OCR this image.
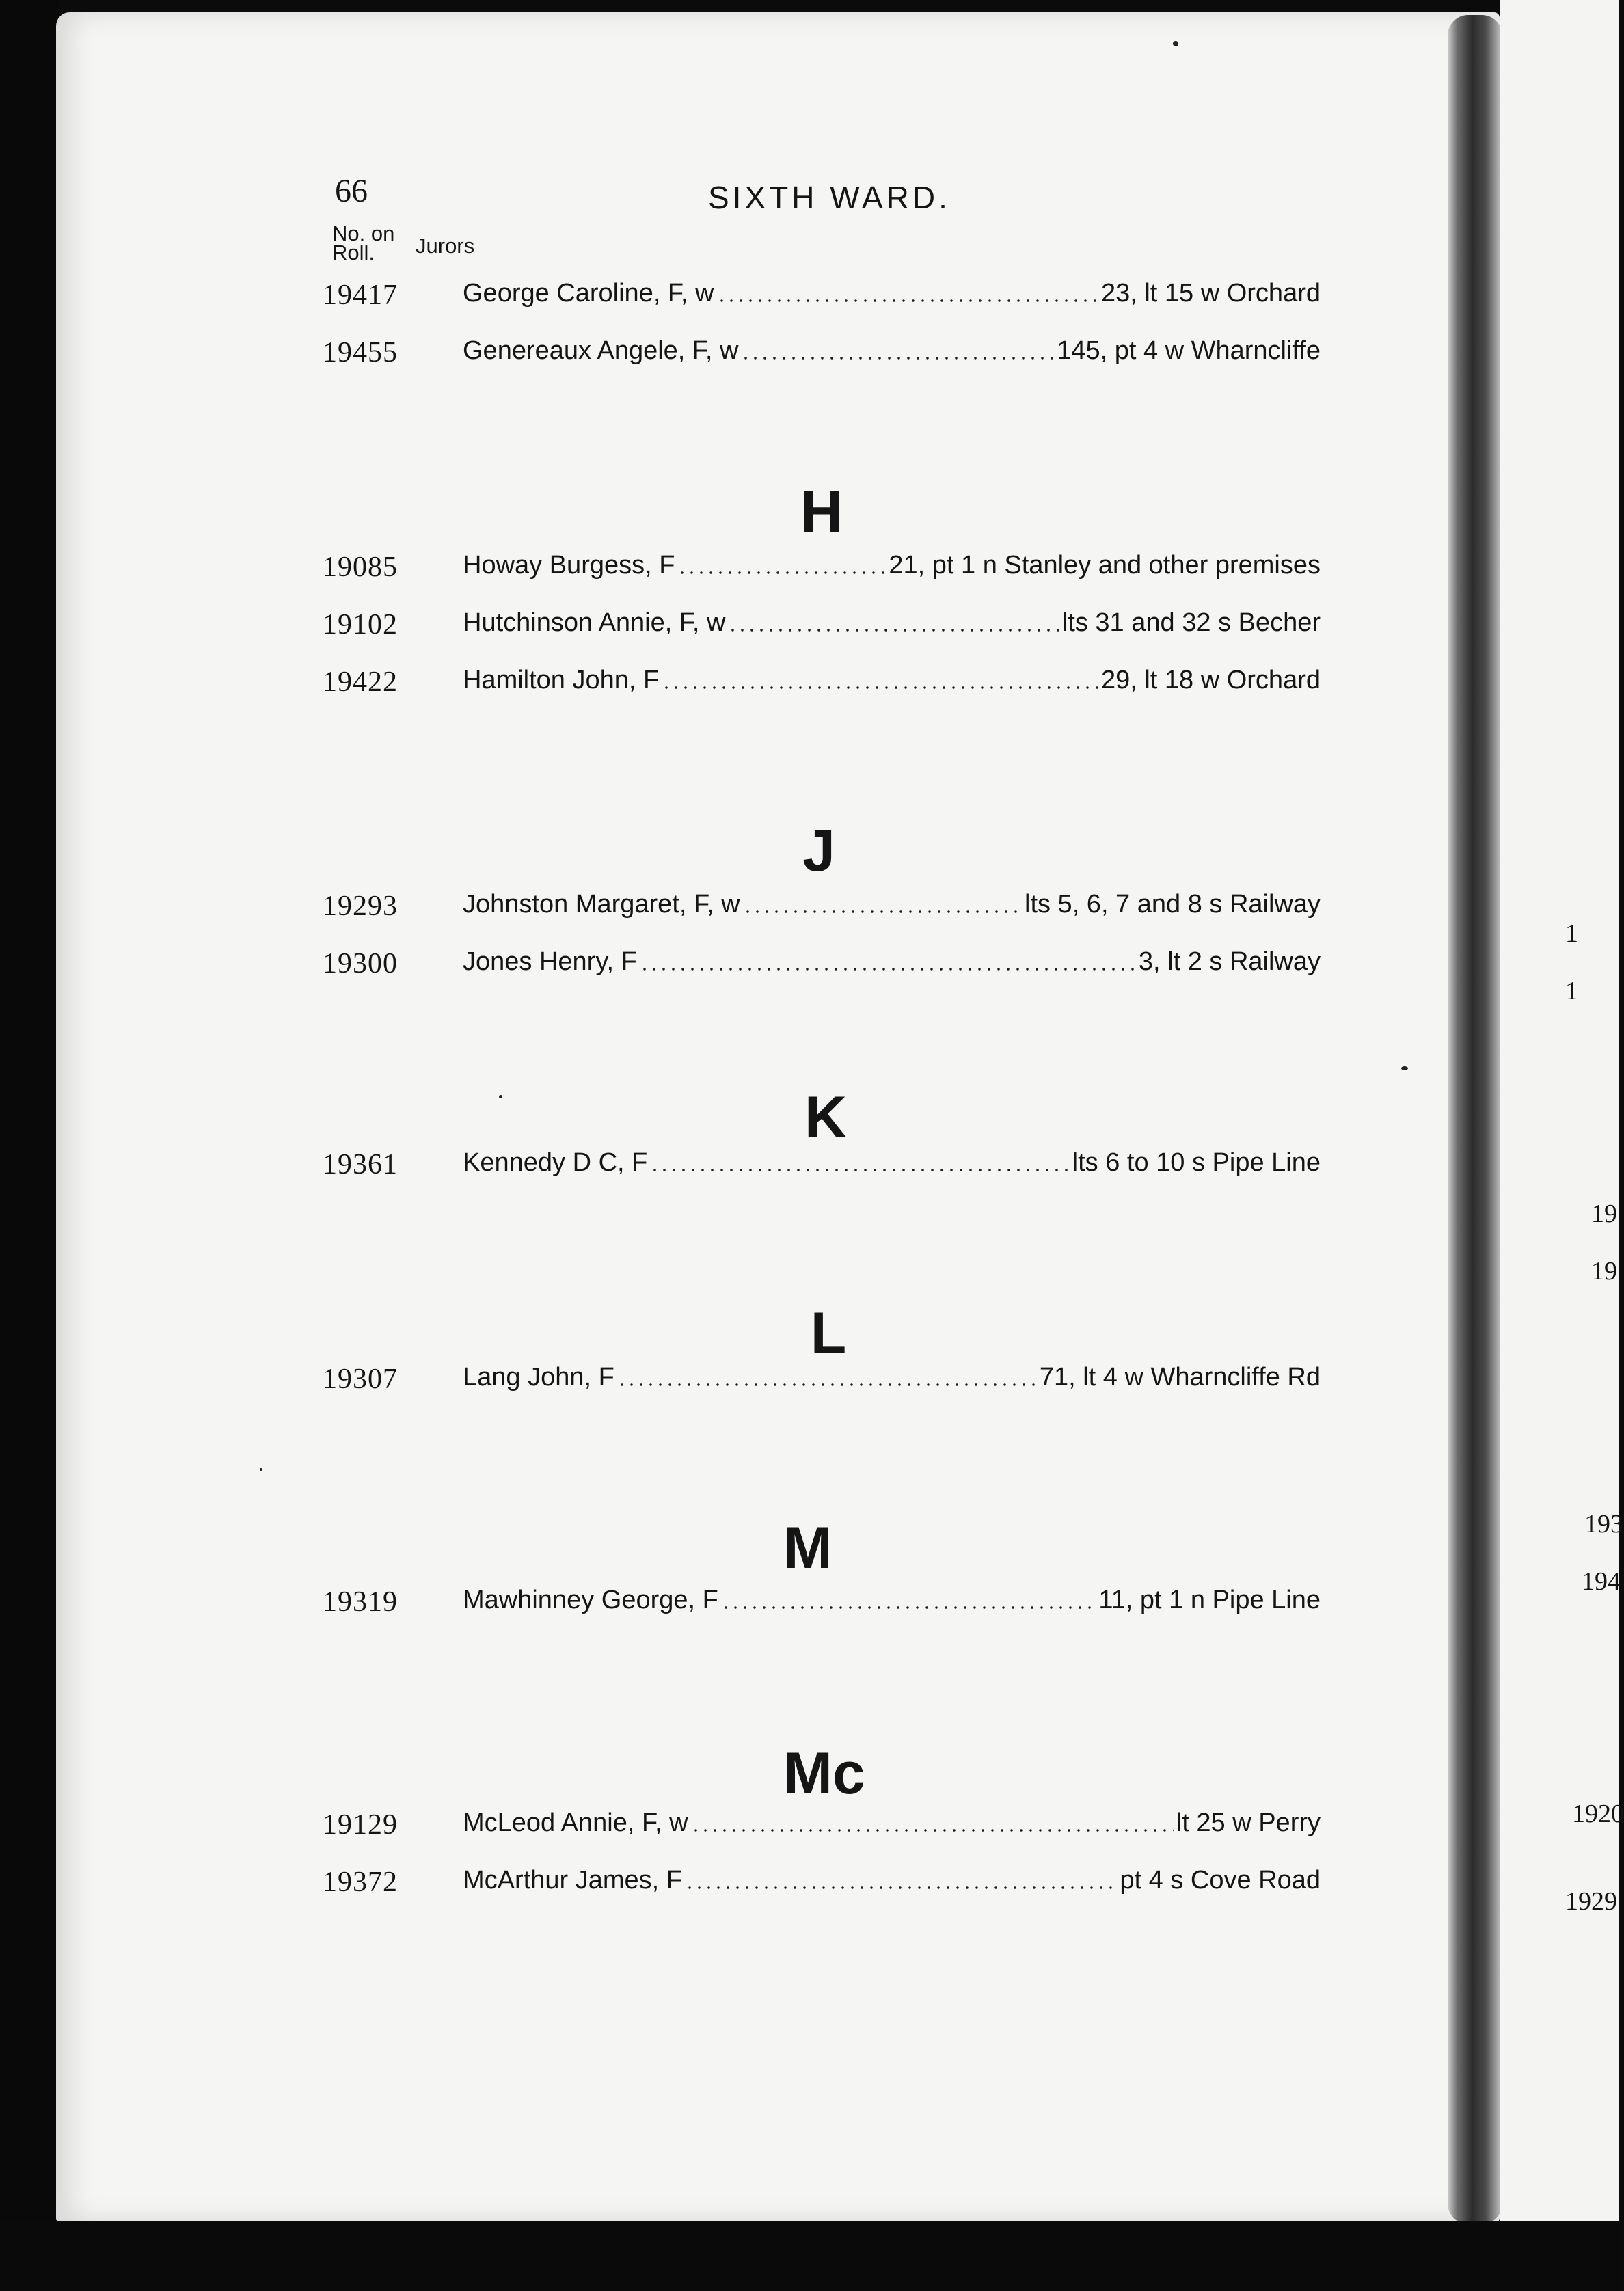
66	SIXTH WARD.
No. on
Roll.	Jurors
19417	George Caroline, F, w	23, lt 15 w Orchard
19455	Genereaux Angele, F, w	145, pt 4 w Wharncliffe
H
19085	Howay Burgess, F	21, pt 1 n Stanley and other premises
19102	Hutchinson Annie, F, w	lts 31 and 32 s Becher
19422	Hamilton John, F	29, lt 18 w Orchard
J
19293	Johnston Margaret, F, w	lts 5, 6, 7 and 8 s Railway
19300	Jones Henry, F	3, lt 2 s Railway
K
19361	Kennedy D C, F	lts 6 to 10 s Pipe Line
L
19307	Lang John, F	71, lt 4 w Wharncliffe Rd
M
19319	Mawhinney George, F	11, pt 1 n Pipe Line
Mc
19129	McLeod Annie, F, w	lt 25 w Perry
19372	McArthur James, F	pt 4 s Cove Road
1
1
19
19
193
194
1920
1929
